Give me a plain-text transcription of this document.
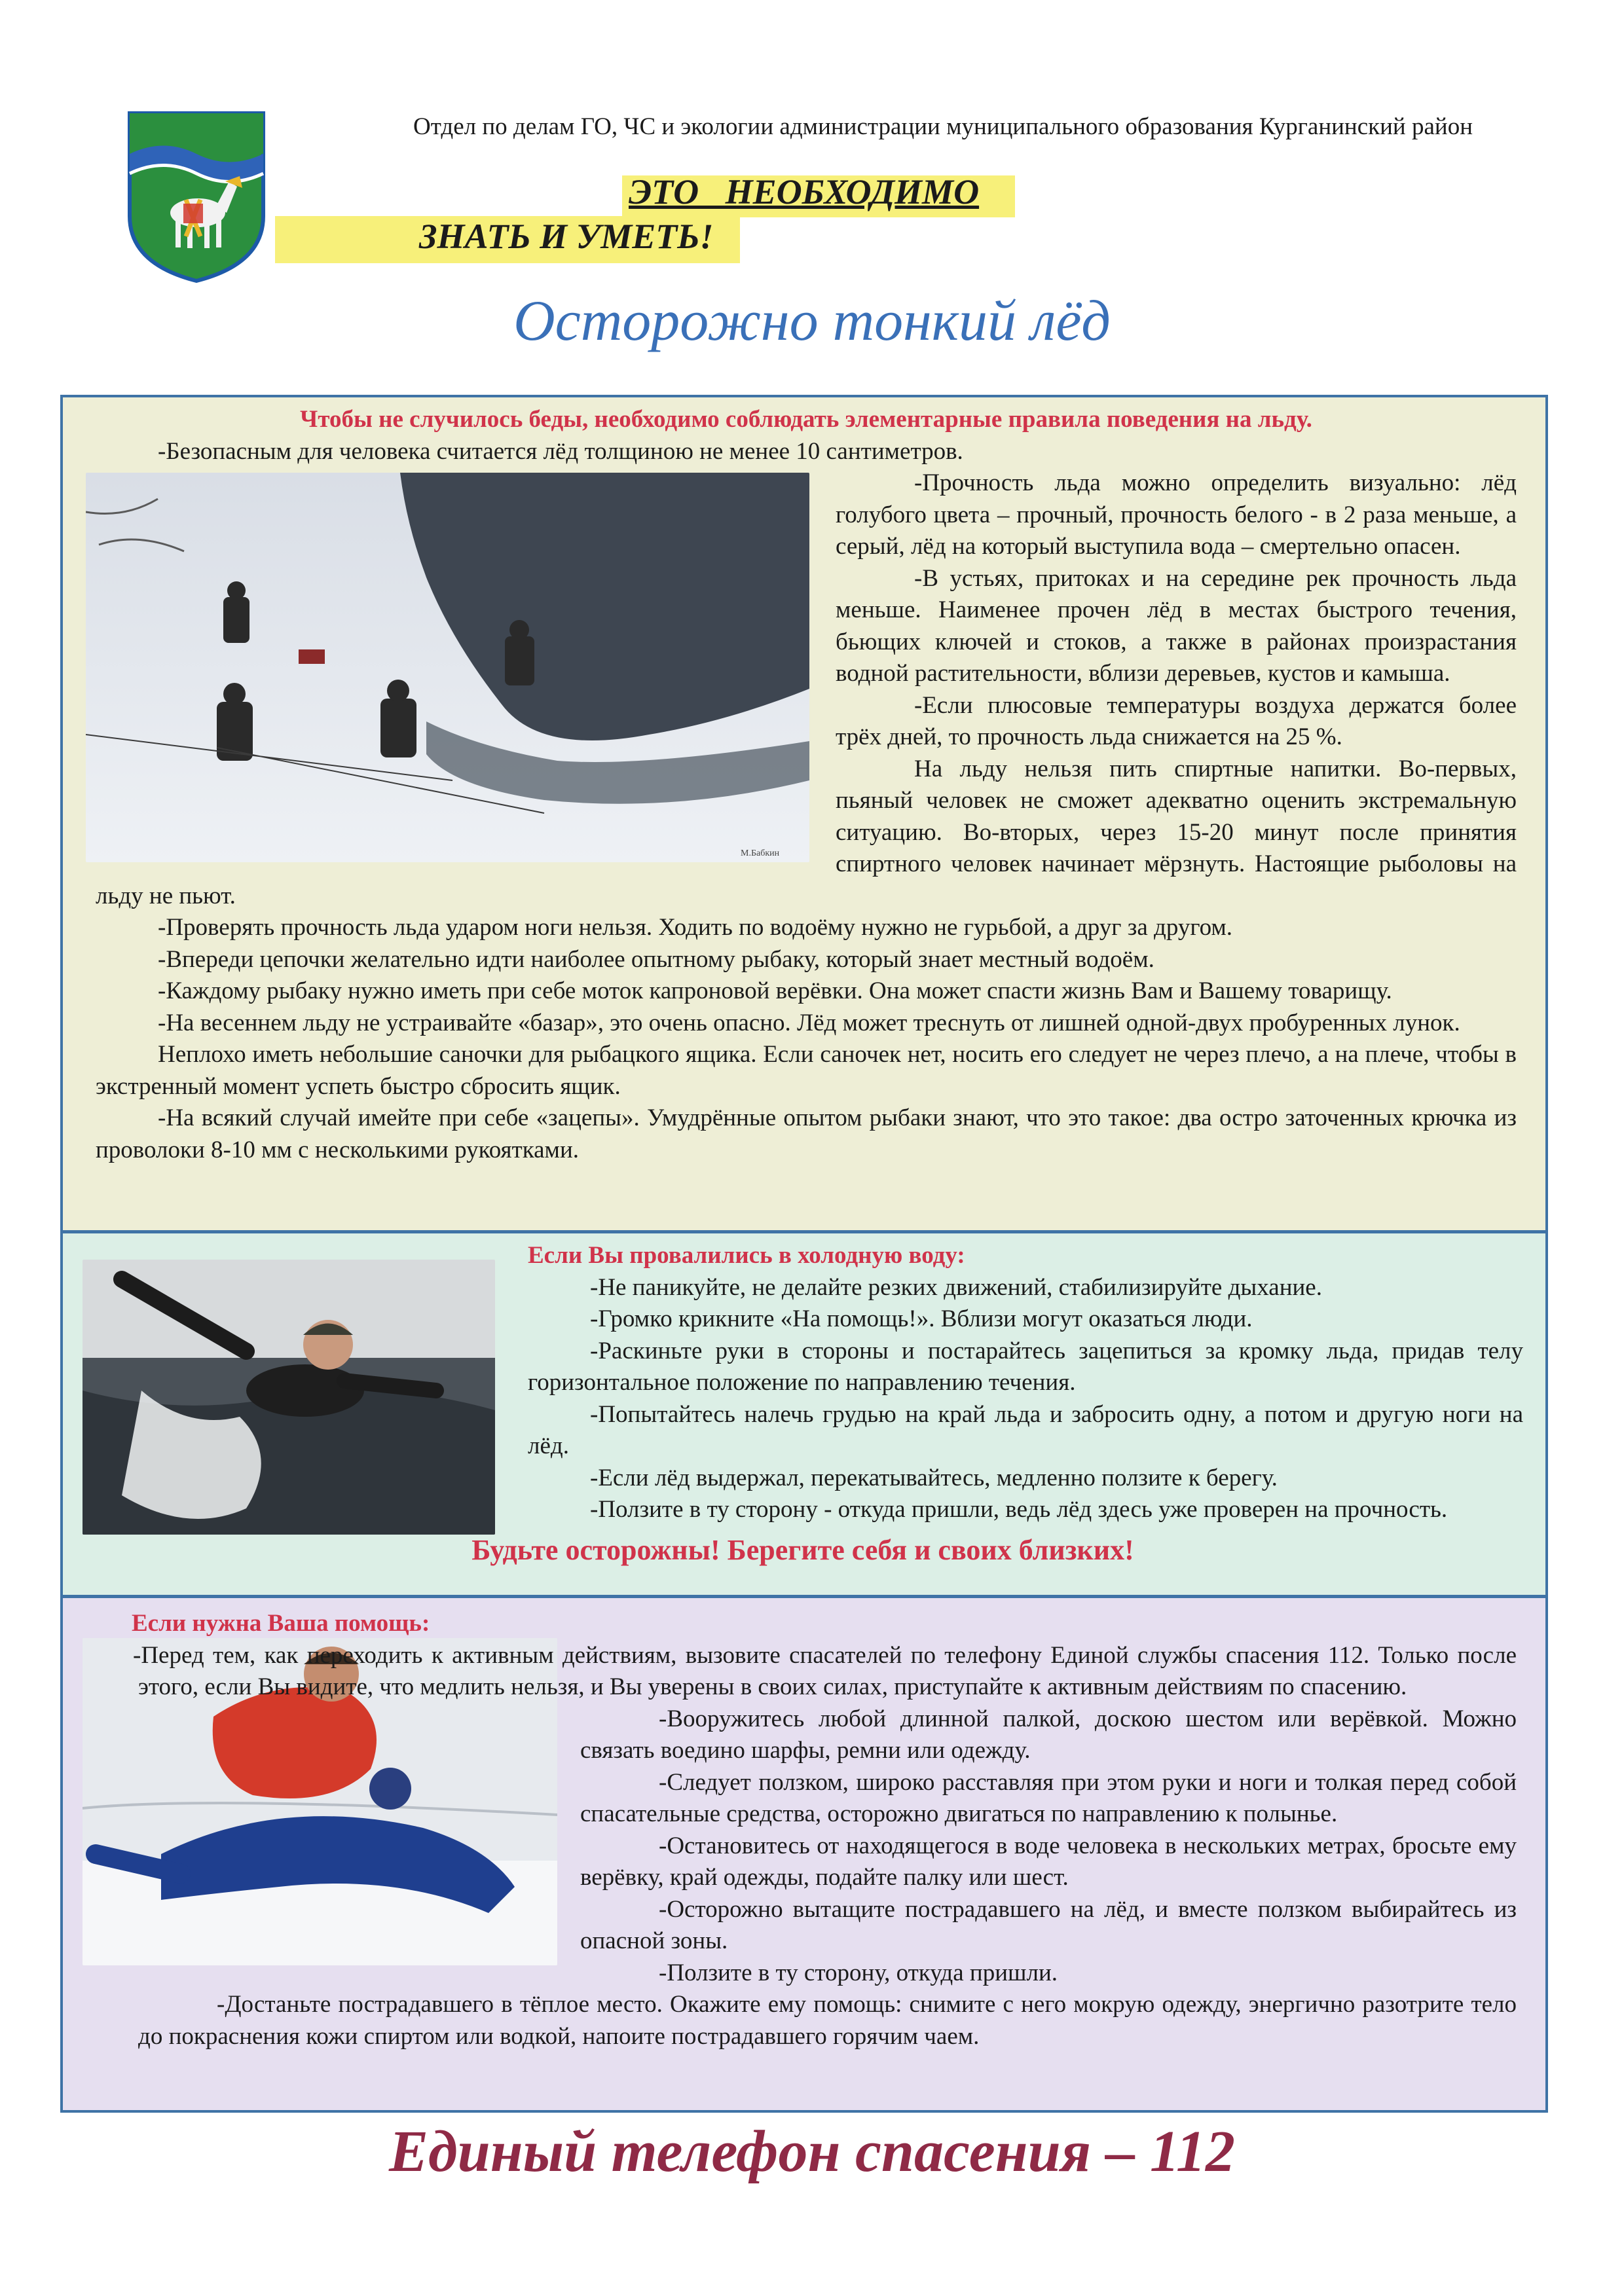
Отдел по делам ГО, ЧС и экологии администрации муниципального образования Курганинский район
ЭТО   НЕОБХОДИМО
ЗНАТЬ И УМЕТЬ!
Осторожно тонкий лёд

Чтобы не случилось беды, необходимо соблюдать элементарные правила поведения на льду.

-Безопасным для человека считается лёд толщиною не менее 10 сантиметров.

М.Бабкин

-Прочность льда можно определить визуально: лёд голубого цвета – прочный, прочность белого - в 2 раза меньше, а серый, лёд на который выступила вода – смертельно опасен.

-В устьях, притоках и на середине рек прочность льда меньше. Наименее прочен лёд в местах быстрого течения, бьющих ключей и стоков, а также в районах произрастания водной растительности, вблизи деревьев, кустов и камыша.

-Если плюсовые температуры воздуха держатся более трёх дней, то прочность льда снижается на 25 %.

На льду нельзя пить спиртные напитки. Во-первых, пьяный человек не сможет адекватно оценить экстремальную ситуацию. Во-вторых, через 15-20 минут после принятия спиртного человек начинает мёрзнуть. Настоящие рыболовы на льду не пьют.

-Проверять прочность льда ударом ноги нельзя. Ходить по водоёму нужно не гурьбой, а друг за другом.

-Впереди цепочки желательно идти наиболее опытному рыбаку, который знает местный водоём.

-Каждому рыбаку нужно иметь при себе моток капроновой верёвки. Она может спасти жизнь Вам и Вашему товарищу.

-На весеннем льду не устраивайте «базар», это очень опасно. Лёд может треснуть от лишней одной-двух пробуренных лунок.

Неплохо иметь небольшие саночки для рыбацкого ящика. Если саночек нет, носить его следует не через плечо, а на плече, чтобы в экстренный момент успеть быстро сбросить ящик.

-На всякий случай имейте при себе «зацепы». Умудрённые опытом рыбаки знают, что это такое: два остро заточенных крючка из проволоки 8-10 мм с несколькими рукоятками.

Если Вы провалились в холодную воду:

-Не паникуйте, не делайте резких движений, стабилизируйте дыхание.

-Громко крикните «На помощь!». Вблизи могут оказаться люди.

-Раскиньте руки в стороны и постарайтесь зацепиться за кромку льда, придав телу горизонтальное положение по направлению течения.

-Попытайтесь налечь грудью на край льда и забросить одну, а потом и другую ноги на лёд.

-Если лёд выдержал, перекатывайтесь, медленно ползите к берегу.

-Ползите в ту сторону - откуда пришли, ведь лёд здесь уже проверен на прочность.

Будьте осторожны! Берегите себя и своих близких!

Если нужна Ваша помощь:

-Перед тем, как переходить к активным действиям, вызовите спасателей по телефону Единой службы спасения 112. Только после этого, если Вы видите, что медлить нельзя, и Вы уверены в своих силах, приступайте к активным действиям по спасению.

-Вооружитесь любой длинной палкой, доскою шестом или верёвкой. Можно связать воедино шарфы, ремни или одежду.

-Следует ползком, широко расставляя при этом руки и ноги и толкая перед собой спасательные средства, осторожно двигаться по направлению к полынье.

-Остановитесь от находящегося в воде человека в нескольких метрах, бросьте ему верёвку, край одежды, подайте палку или шест.

-Осторожно вытащите пострадавшего на лёд, и вместе ползком выбирайтесь из опасной зоны.

-Ползите в ту сторону, откуда пришли.

-Достаньте пострадавшего в тёплое место. Окажите ему помощь: снимите с него мокрую одежду, энергично разотрите тело до покраснения кожи спиртом или водкой, напоите пострадавшего горячим чаем.

Единый телефон спасения – 112
